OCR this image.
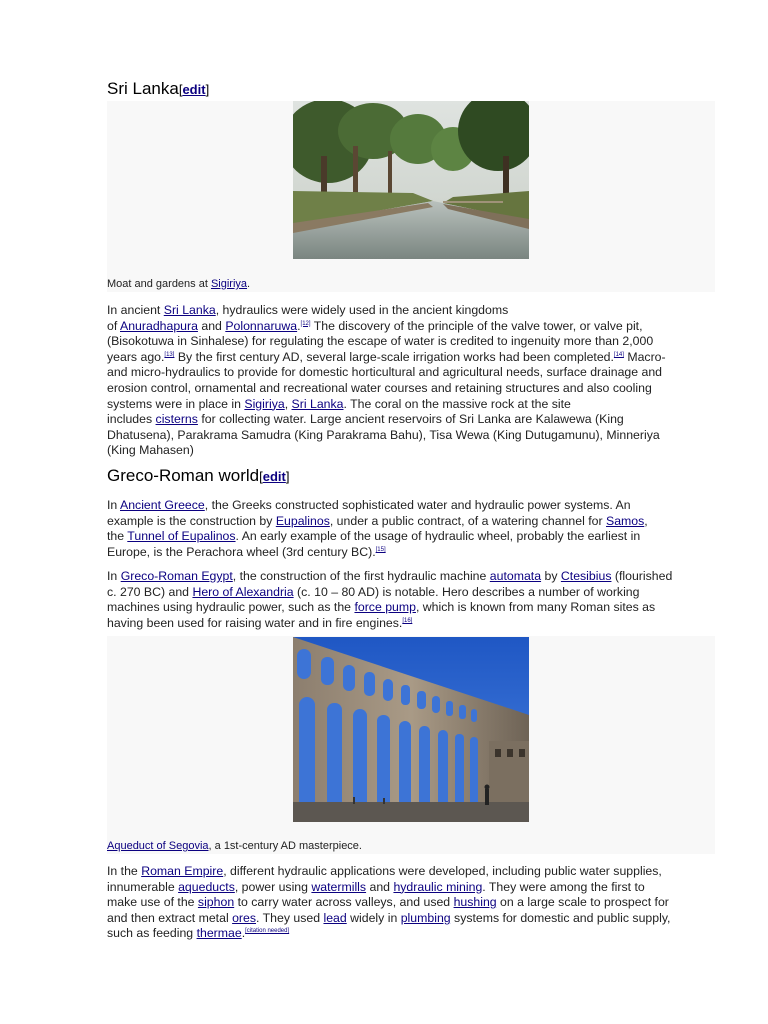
Sri Lanka[edit]
Moat and gardens at Sigiriya.
In ancient Sri Lanka, hydraulics were widely used in the ancient kingdoms
of Anuradhapura and Polonnaruwa.[12] The discovery of the principle of the valve tower, or valve pit,
(Bisokotuwa in Sinhalese) for regulating the escape of water is credited to ingenuity more than 2,000
years ago.[13] By the first century AD, several large-scale irrigation works had been completed.[14] Macro-
and micro-hydraulics to provide for domestic horticultural and agricultural needs, surface drainage and
erosion control, ornamental and recreational water courses and retaining structures and also cooling
systems were in place in Sigiriya, Sri Lanka. The coral on the massive rock at the site
includes cisterns for collecting water. Large ancient reservoirs of Sri Lanka are Kalawewa (King
Dhatusena), Parakrama Samudra (King Parakrama Bahu), Tisa Wewa (King Dutugamunu), Minneriya
(King Mahasen)
Greco-Roman world[edit]
In Ancient Greece, the Greeks constructed sophisticated water and hydraulic power systems. An
example is the construction by Eupalinos, under a public contract, of a watering channel for Samos,
the Tunnel of Eupalinos. An early example of the usage of hydraulic wheel, probably the earliest in
Europe, is the Perachora wheel (3rd century BC).[15]
In Greco-Roman Egypt, the construction of the first hydraulic machine automata by Ctesibius (flourished
c. 270 BC) and Hero of Alexandria (c. 10 – 80 AD) is notable. Hero describes a number of working
machines using hydraulic power, such as the force pump, which is known from many Roman sites as
having been used for raising water and in fire engines.[16]
Aqueduct of Segovia, a 1st-century AD masterpiece.
In the Roman Empire, different hydraulic applications were developed, including public water supplies,
innumerable aqueducts, power using watermills and hydraulic mining. They were among the first to
make use of the siphon to carry water across valleys, and used hushing on a large scale to prospect for
and then extract metal ores. They used lead widely in plumbing systems for domestic and public supply,
such as feeding thermae.[citation needed]
